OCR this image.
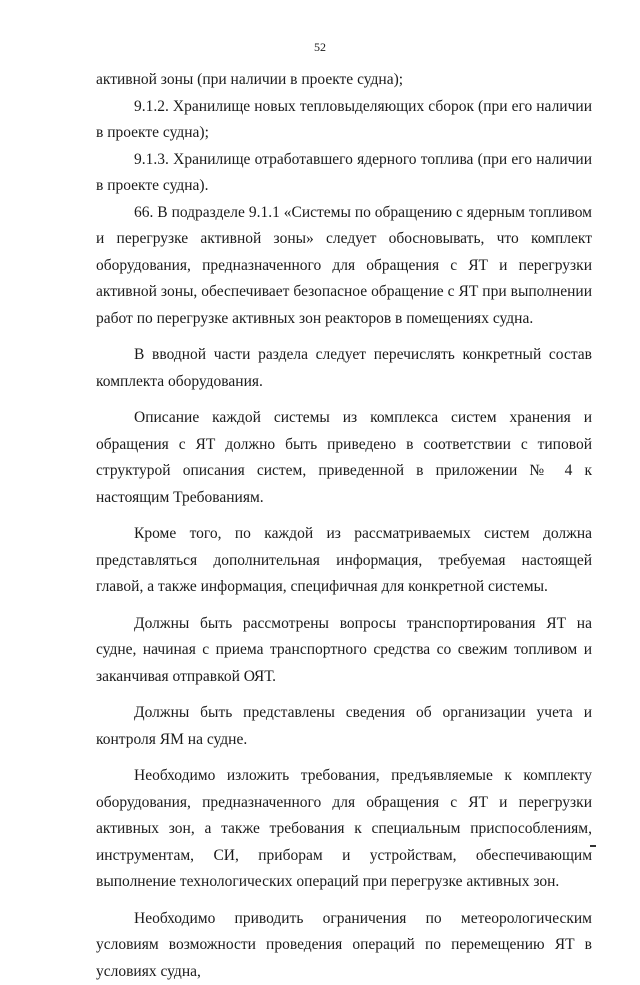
52

активной зоны (при наличии в проекте судна);

9.1.2. Хранилище новых тепловыделяющих сборок (при его наличии в проекте судна);

9.1.3. Хранилище отработавшего ядерного топлива (при его наличии в проекте судна).

66. В подразделе 9.1.1 «Системы по обращению с ядерным топливом и перегрузке активной зоны» следует обосновывать, что комплект оборудования, предназначенного для обращения с ЯТ и перегрузки активной зоны, обеспечивает безопасное обращение с ЯТ при выполнении работ по перегрузке активных зон реакторов в помещениях судна.

В вводной части раздела следует перечислять конкретный состав комплекта оборудования.

Описание каждой системы из комплекса систем хранения и обращения с ЯТ должно быть приведено в соответствии с типовой структурой описания систем, приведенной в приложении № 4 к настоящим Требованиям.

Кроме того, по каждой из рассматриваемых систем должна представляться дополнительная информация, требуемая настоящей главой, а также информация, специфичная для конкретной системы.

Должны быть рассмотрены вопросы транспортирования ЯТ на судне, начиная с приема транспортного средства со свежим топливом и заканчивая отправкой ОЯТ.

Должны быть представлены сведения об организации учета и контроля ЯМ на судне.

Необходимо изложить требования, предъявляемые к комплекту оборудования, предназначенного для обращения с ЯТ и перегрузки активных зон, а также требования к специальным приспособлениям, инструментам, СИ, приборам и устройствам, обеспечивающим выполнение технологических операций при перегрузке активных зон.

Необходимо приводить ограничения по метеорологическим условиям возможности проведения операций по перемещению ЯТ в условиях судна,
